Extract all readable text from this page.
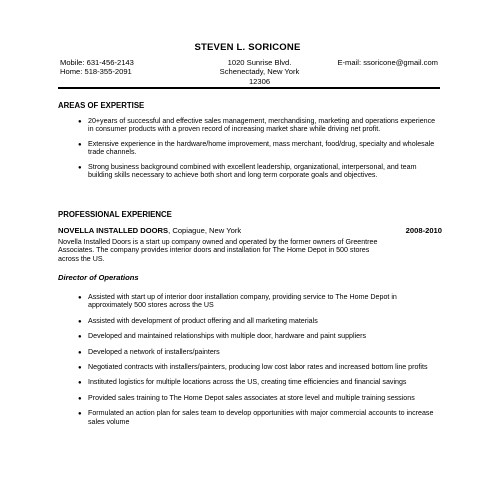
STEVEN L. SORICONE
Mobile: 631-456-2143
Home: 518-355-2091
1020 Sunrise Blvd.
Schenectady, New York
12306
E-mail: ssoricone@gmail.com
AREAS OF EXPERTISE
● 20+years of successful and effective sales management, merchandising, marketing and operations experience in consumer products with a proven record of increasing market share while driving net profit.
● Extensive experience in the hardware/home improvement, mass merchant, food/drug, specialty and wholesale trade channels.
● Strong business background combined with excellent leadership, organizational, interpersonal, and team building skills necessary to achieve both short and long term corporate goals and objectives.
PROFESSIONAL EXPERIENCE
NOVELLA INSTALLED DOORS, Copiague, New York	2008-2010
Novella Installed Doors is a start up company owned and operated by the former owners of Greentree Associates. The company provides interior doors and installation for The Home Depot in 500 stores across the US.
Director of Operations
● Assisted with start up of interior door installation company, providing service to The Home Depot in approximately 500 stores across the US
● Assisted with development of product offering and all marketing materials
● Developed and maintained relationships with multiple door, hardware and paint suppliers
● Developed a network of installers/painters
● Negotiated contracts with installers/painters, producing low cost labor rates and increased bottom line profits
● Instituted logistics for multiple locations across the US, creating time efficiencies and financial savings
● Provided sales training to The Home Depot sales associates at store level and multiple training sessions
● Formulated an action plan for sales team to develop opportunities with major commercial accounts to increase sales volume
